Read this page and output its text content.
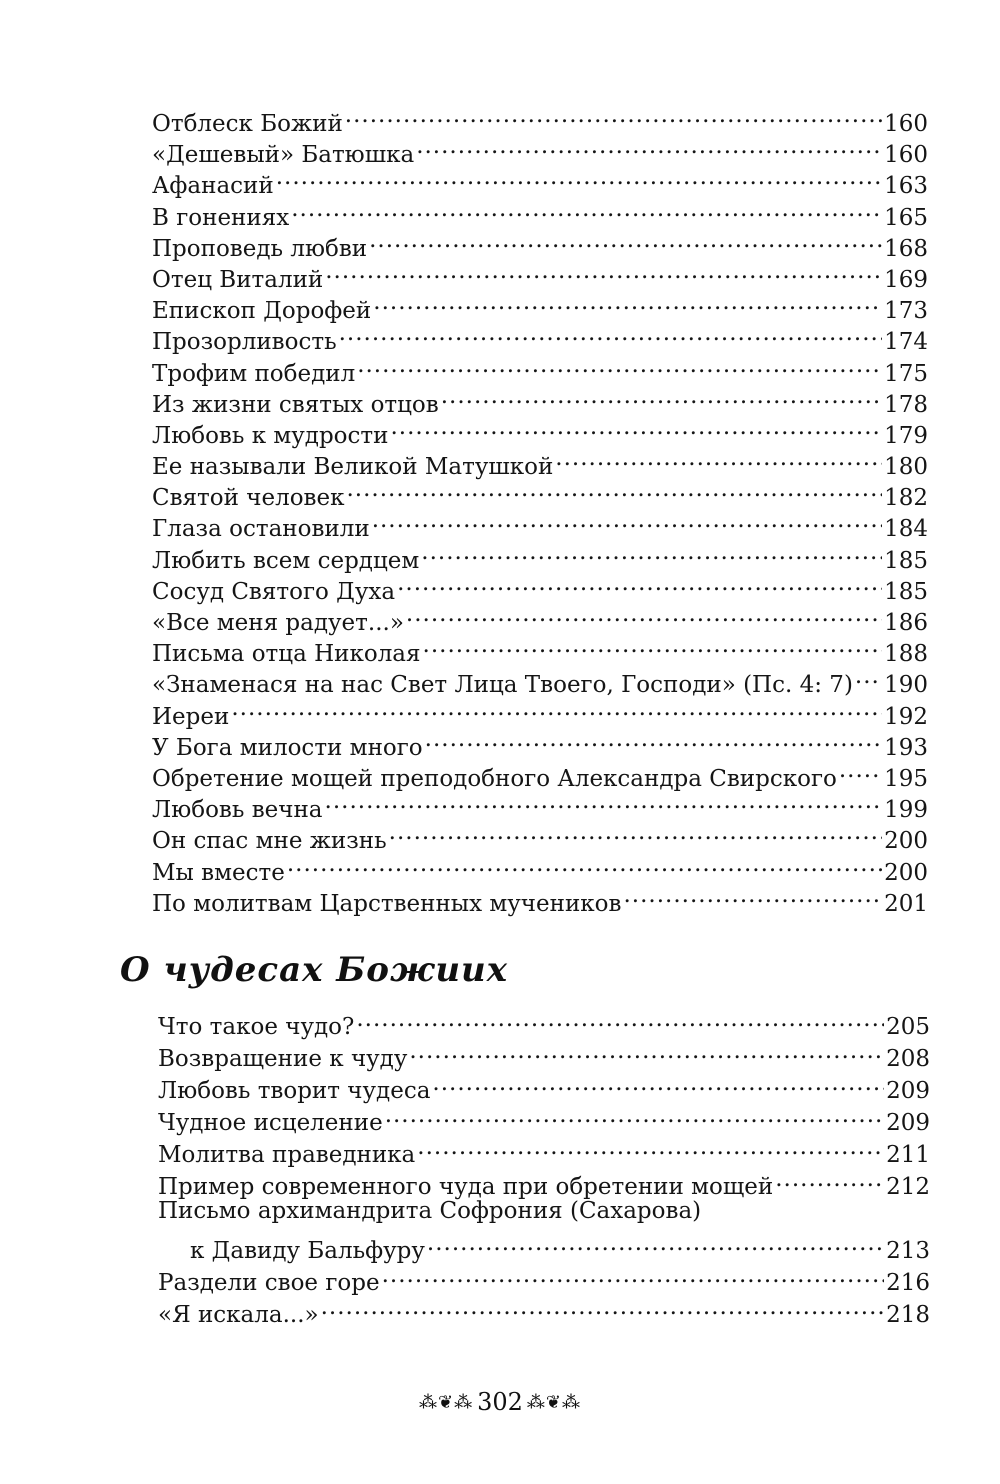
Отблеск Божий .....	160
«Дешевый» Батюшка .....	160
Афанасий .....	163
В гонениях .....	165
Проповедь любви .....	168
Отец Виталий .....	169
Епископ Дорофей .....	173
Прозорливость .....	174
Трофим победил .....	175
Из жизни святых отцов .....	178
Любовь к мудрости .....	179
Ее называли Великой Матушкой .....	180
Святой человек .....	182
Глаза остановили .....	184
Любить всем сердцем .....	185
Сосуд Святого Духа .....	185
«Все меня радует...» .....	186
Письма отца Николая .....	188
«Знаменася на нас Свет Лица Твоего, Господи» (Пс. 4: 7) ..... 190
Иереи .....	192
У Бога милости много .....	193
Обретение мощей преподобного Александра Свирского ..... 195
Любовь вечна .....	199
Он спас мне жизнь .....	200
Мы вместе .....	200
По молитвам Царственных мучеников .....	201
О чудесах Божиих
Что такое чудо? .....	205
Возвращение к чуду .....	208
Любовь творит чудеса .....	209
Чудное исцеление .....	209
Молитва праведника .....	211
Пример современного чуда при обретении мощей .....	212
Письмо архимандрита Софрония (Сахарова)
к Давиду Бальфуру .....	213
Раздели свое горе .....	216
«Я искала...» .....	218
⁂❦⁂ 302 ⁂❦⁂
